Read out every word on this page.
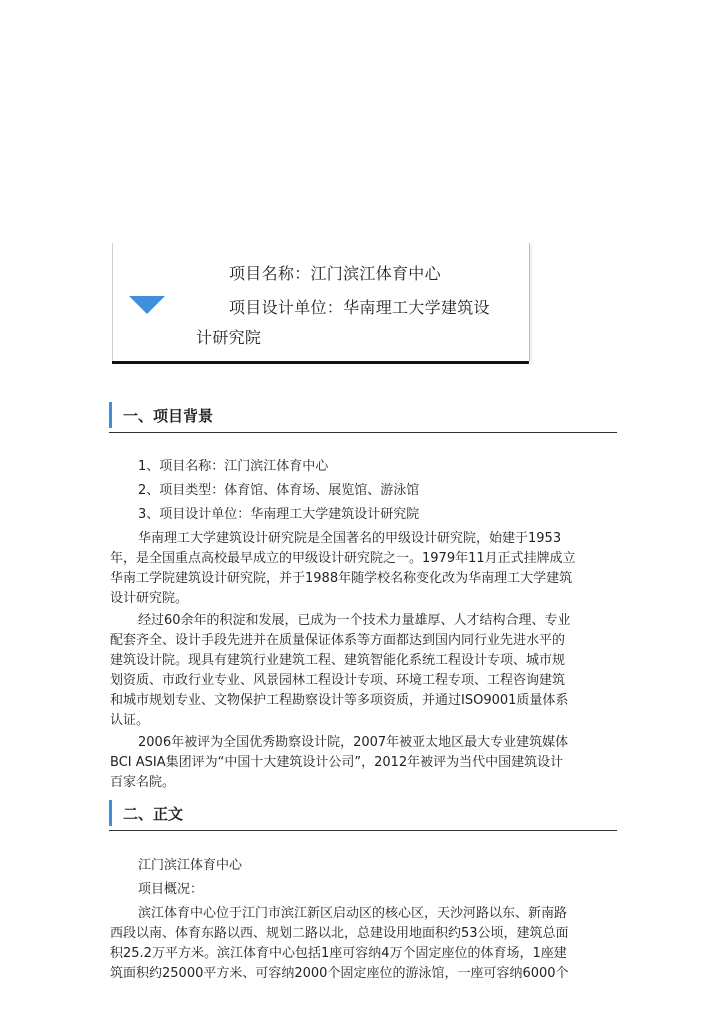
项目名称：江门滨江体育中心
项目设计单位：华南理工大学建筑设
计研究院
一、项目背景
1、项目名称：江门滨江体育中心
2、项目类型：体育馆、体育场、展览馆、游泳馆
3、项目设计单位：华南理工大学建筑设计研究院
华南理工大学建筑设计研究院是全国著名的甲级设计研究院，始建于1953
年，是全国重点高校最早成立的甲级设计研究院之一。1979年11月正式挂牌成立
华南工学院建筑设计研究院，并于1988年随学校名称变化改为华南理工大学建筑
设计研究院。
经过60余年的积淀和发展，已成为一个技术力量雄厚、人才结构合理、专业
配套齐全、设计手段先进并在质量保证体系等方面都达到国内同行业先进水平的
建筑设计院。现具有建筑行业建筑工程、建筑智能化系统工程设计专项、城市规
划资质、市政行业专业、风景园林工程设计专项、环境工程专项、工程咨询建筑
和城市规划专业、文物保护工程勘察设计等多项资质，并通过ISO9001质量体系
认证。
2006年被评为全国优秀勘察设计院，2007年被亚太地区最大专业建筑媒体
BCI ASIA集团评为“中国十大建筑设计公司”，2012年被评为当代中国建筑设计
百家名院。
二、正文
江门滨江体育中心
项目概况：
滨江体育中心位于江门市滨江新区启动区的核心区，天沙河路以东、新南路
西段以南、体育东路以西、规划二路以北，总建设用地面积约53公顷，建筑总面
积25.2万平方米。滨江体育中心包括1座可容纳4万个固定座位的体育场，1座建
筑面积约25000平方米、可容纳2000个固定座位的游泳馆，一座可容纳6000个
